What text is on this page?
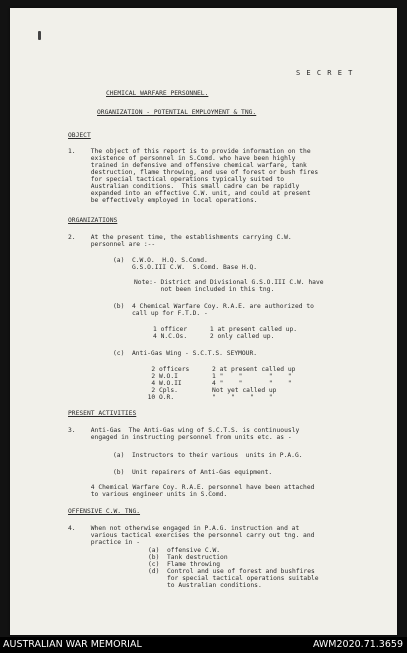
S E C R E T
CHEMICAL WARFARE PERSONNEL.
ORGANIZATION - POTENTIAL EMPLOYMENT & TNG.
OBJECT
1.    The object of this report is to provide information on the
existence of personnel in S.Comd. who have been highly
trained in defensive and offensive chemical warfare, tank
destruction, flame throwing, and use of forest or bush fires
for special tactical operations typically suited to
Australian conditions.  This small cadre can be rapidly
expanded into an effective C.W. unit, and could at present
be effectively employed in local operations.
ORGANIZATIONS
2.    At the present time, the establishments carrying C.W.
personnel are :--
(a)  C.W.O.  H.Q. S.Comd.
G.S.O.III C.W.  S.Comd. Base H.Q.
Note:- District and Divisional G.S.O.III C.W. have
not been included in this tng.
(b)  4 Chemical Warfare Coy. R.A.E. are authorized to
call up for F.T.D. -
1 officer      1 at present called up.
4 N.C.Os.      2 only called up.
(c)  Anti-Gas Wing - S.C.T.S. SEYMOUR.
2 officers      2 at present called up
2 W.O.I         1 "    "       "    "
4 W.O.II        4 "    "       "    "
2 Cpls.         Not yet called up
10 O.R.          "    "    "    "
PRESENT ACTIVITIES
3.    Anti-Gas  The Anti-Gas wing of S.C.T.S. is continuously
engaged in instructing personnel from units etc. as -
(a)  Instructors to their various  units in P.A.G.
(b)  Unit repairers of Anti-Gas equipment.
4 Chemical Warfare Coy. R.A.E. personnel have been attached
to various engineer units in S.Comd.
OFFENSIVE C.W. TNG.
4.    When not otherwise engaged in P.A.G. instruction and at
various tactical exercises the personnel carry out tng. and
practice in -
(a)  offensive C.W.
(b)  Tank destruction
(c)  Flame throwing
(d)  Control and use of forest and bushfires
for special tactical operations suitable
to Australian conditions.
AUSTRALIAN WAR MEMORIAL	AWM2020.71.3659
